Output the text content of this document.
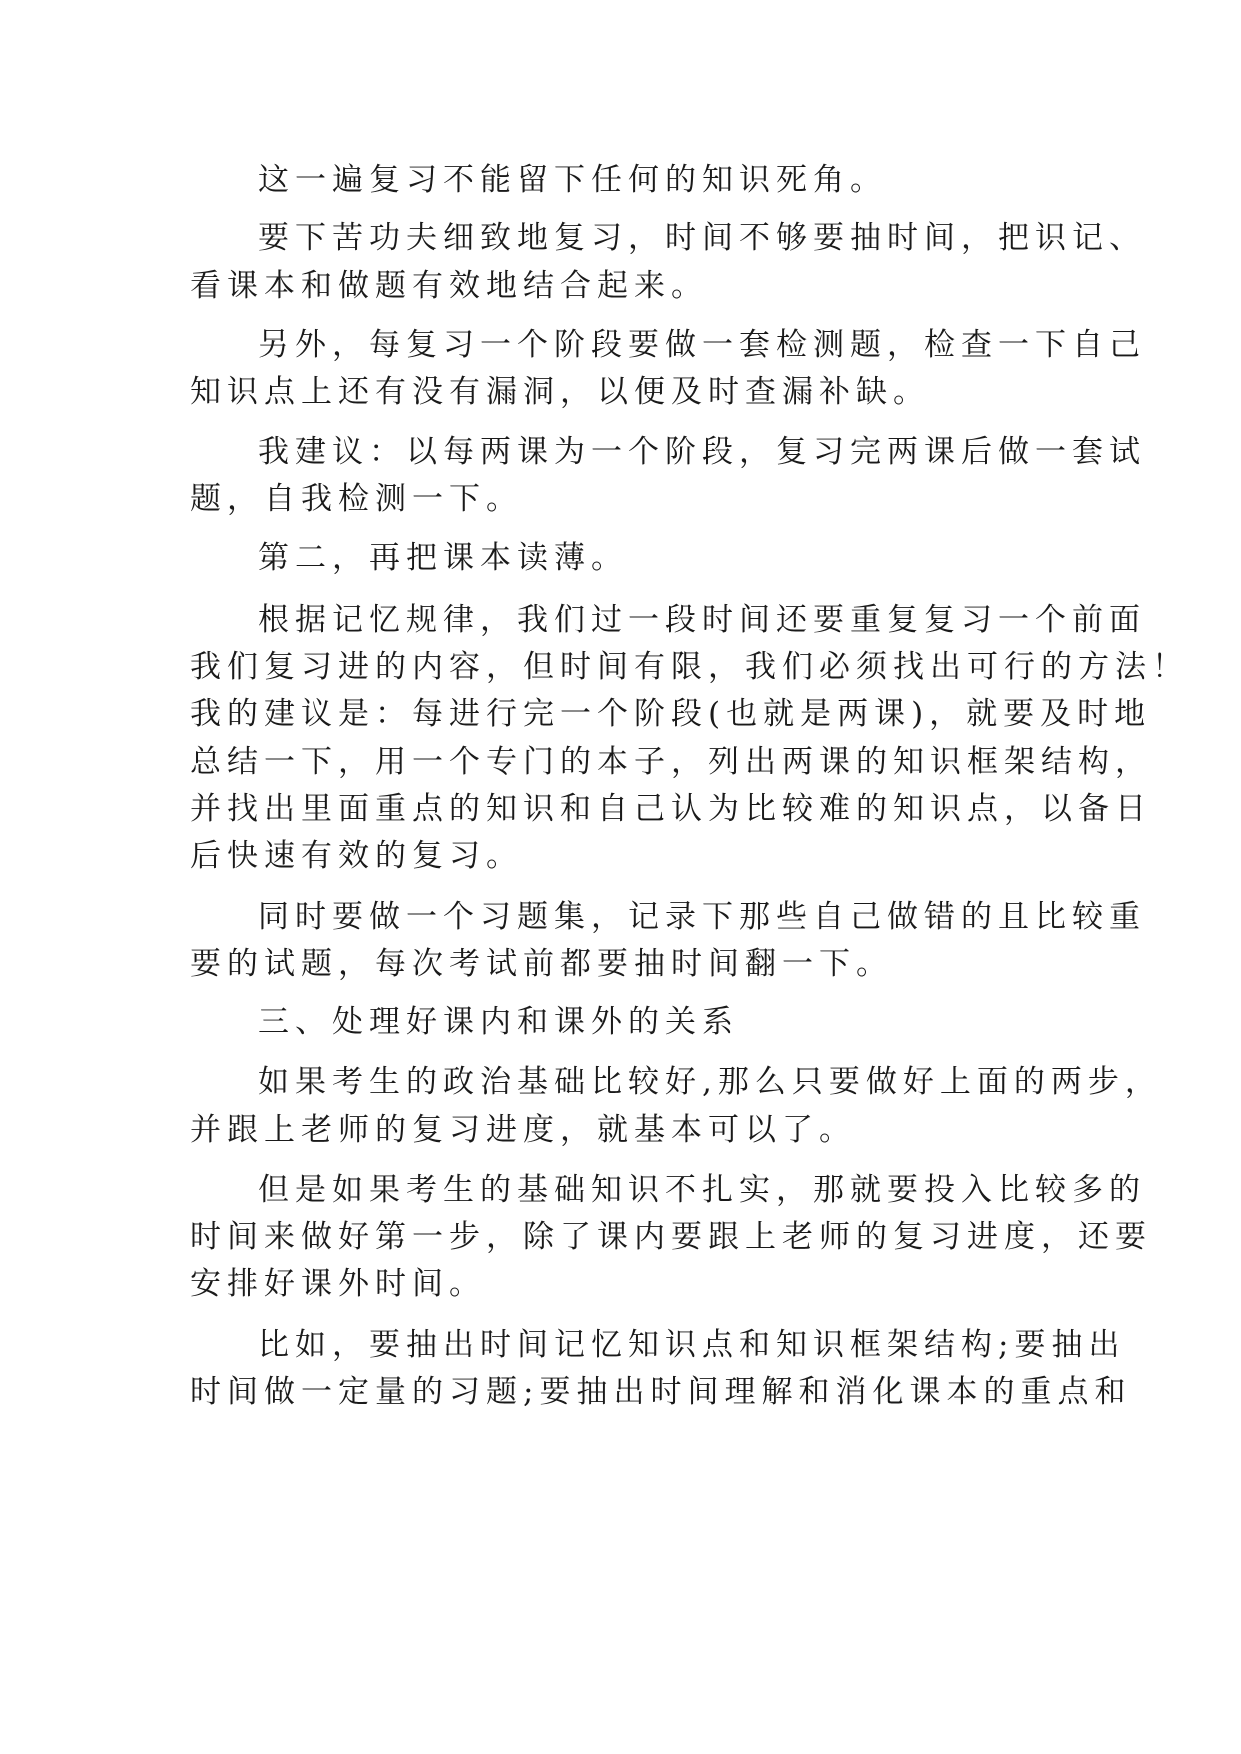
这一遍复习不能留下任何的知识死角。
要下苦功夫细致地复习，时间不够要抽时间，把识记、
看课本和做题有效地结合起来。
另外，每复习一个阶段要做一套检测题，检查一下自己
知识点上还有没有漏洞，以便及时查漏补缺。
我建议：以每两课为一个阶段，复习完两课后做一套试
题，自我检测一下。
第二，再把课本读薄。
根据记忆规律，我们过一段时间还要重复复习一个前面
我们复习进的内容，但时间有限，我们必须找出可行的方法！
我的建议是：每进行完一个阶段(也就是两课)，就要及时地
总结一下，用一个专门的本子，列出两课的知识框架结构，
并找出里面重点的知识和自己认为比较难的知识点，以备日
后快速有效的复习。
同时要做一个习题集，记录下那些自己做错的且比较重
要的试题，每次考试前都要抽时间翻一下。
三、处理好课内和课外的关系
如果考生的政治基础比较好,那么只要做好上面的两步，
并跟上老师的复习进度，就基本可以了。
但是如果考生的基础知识不扎实，那就要投入比较多的
时间来做好第一步，除了课内要跟上老师的复习进度，还要
安排好课外时间。
比如，要抽出时间记忆知识点和知识框架结构;要抽出
时间做一定量的习题;要抽出时间理解和消化课本的重点和
